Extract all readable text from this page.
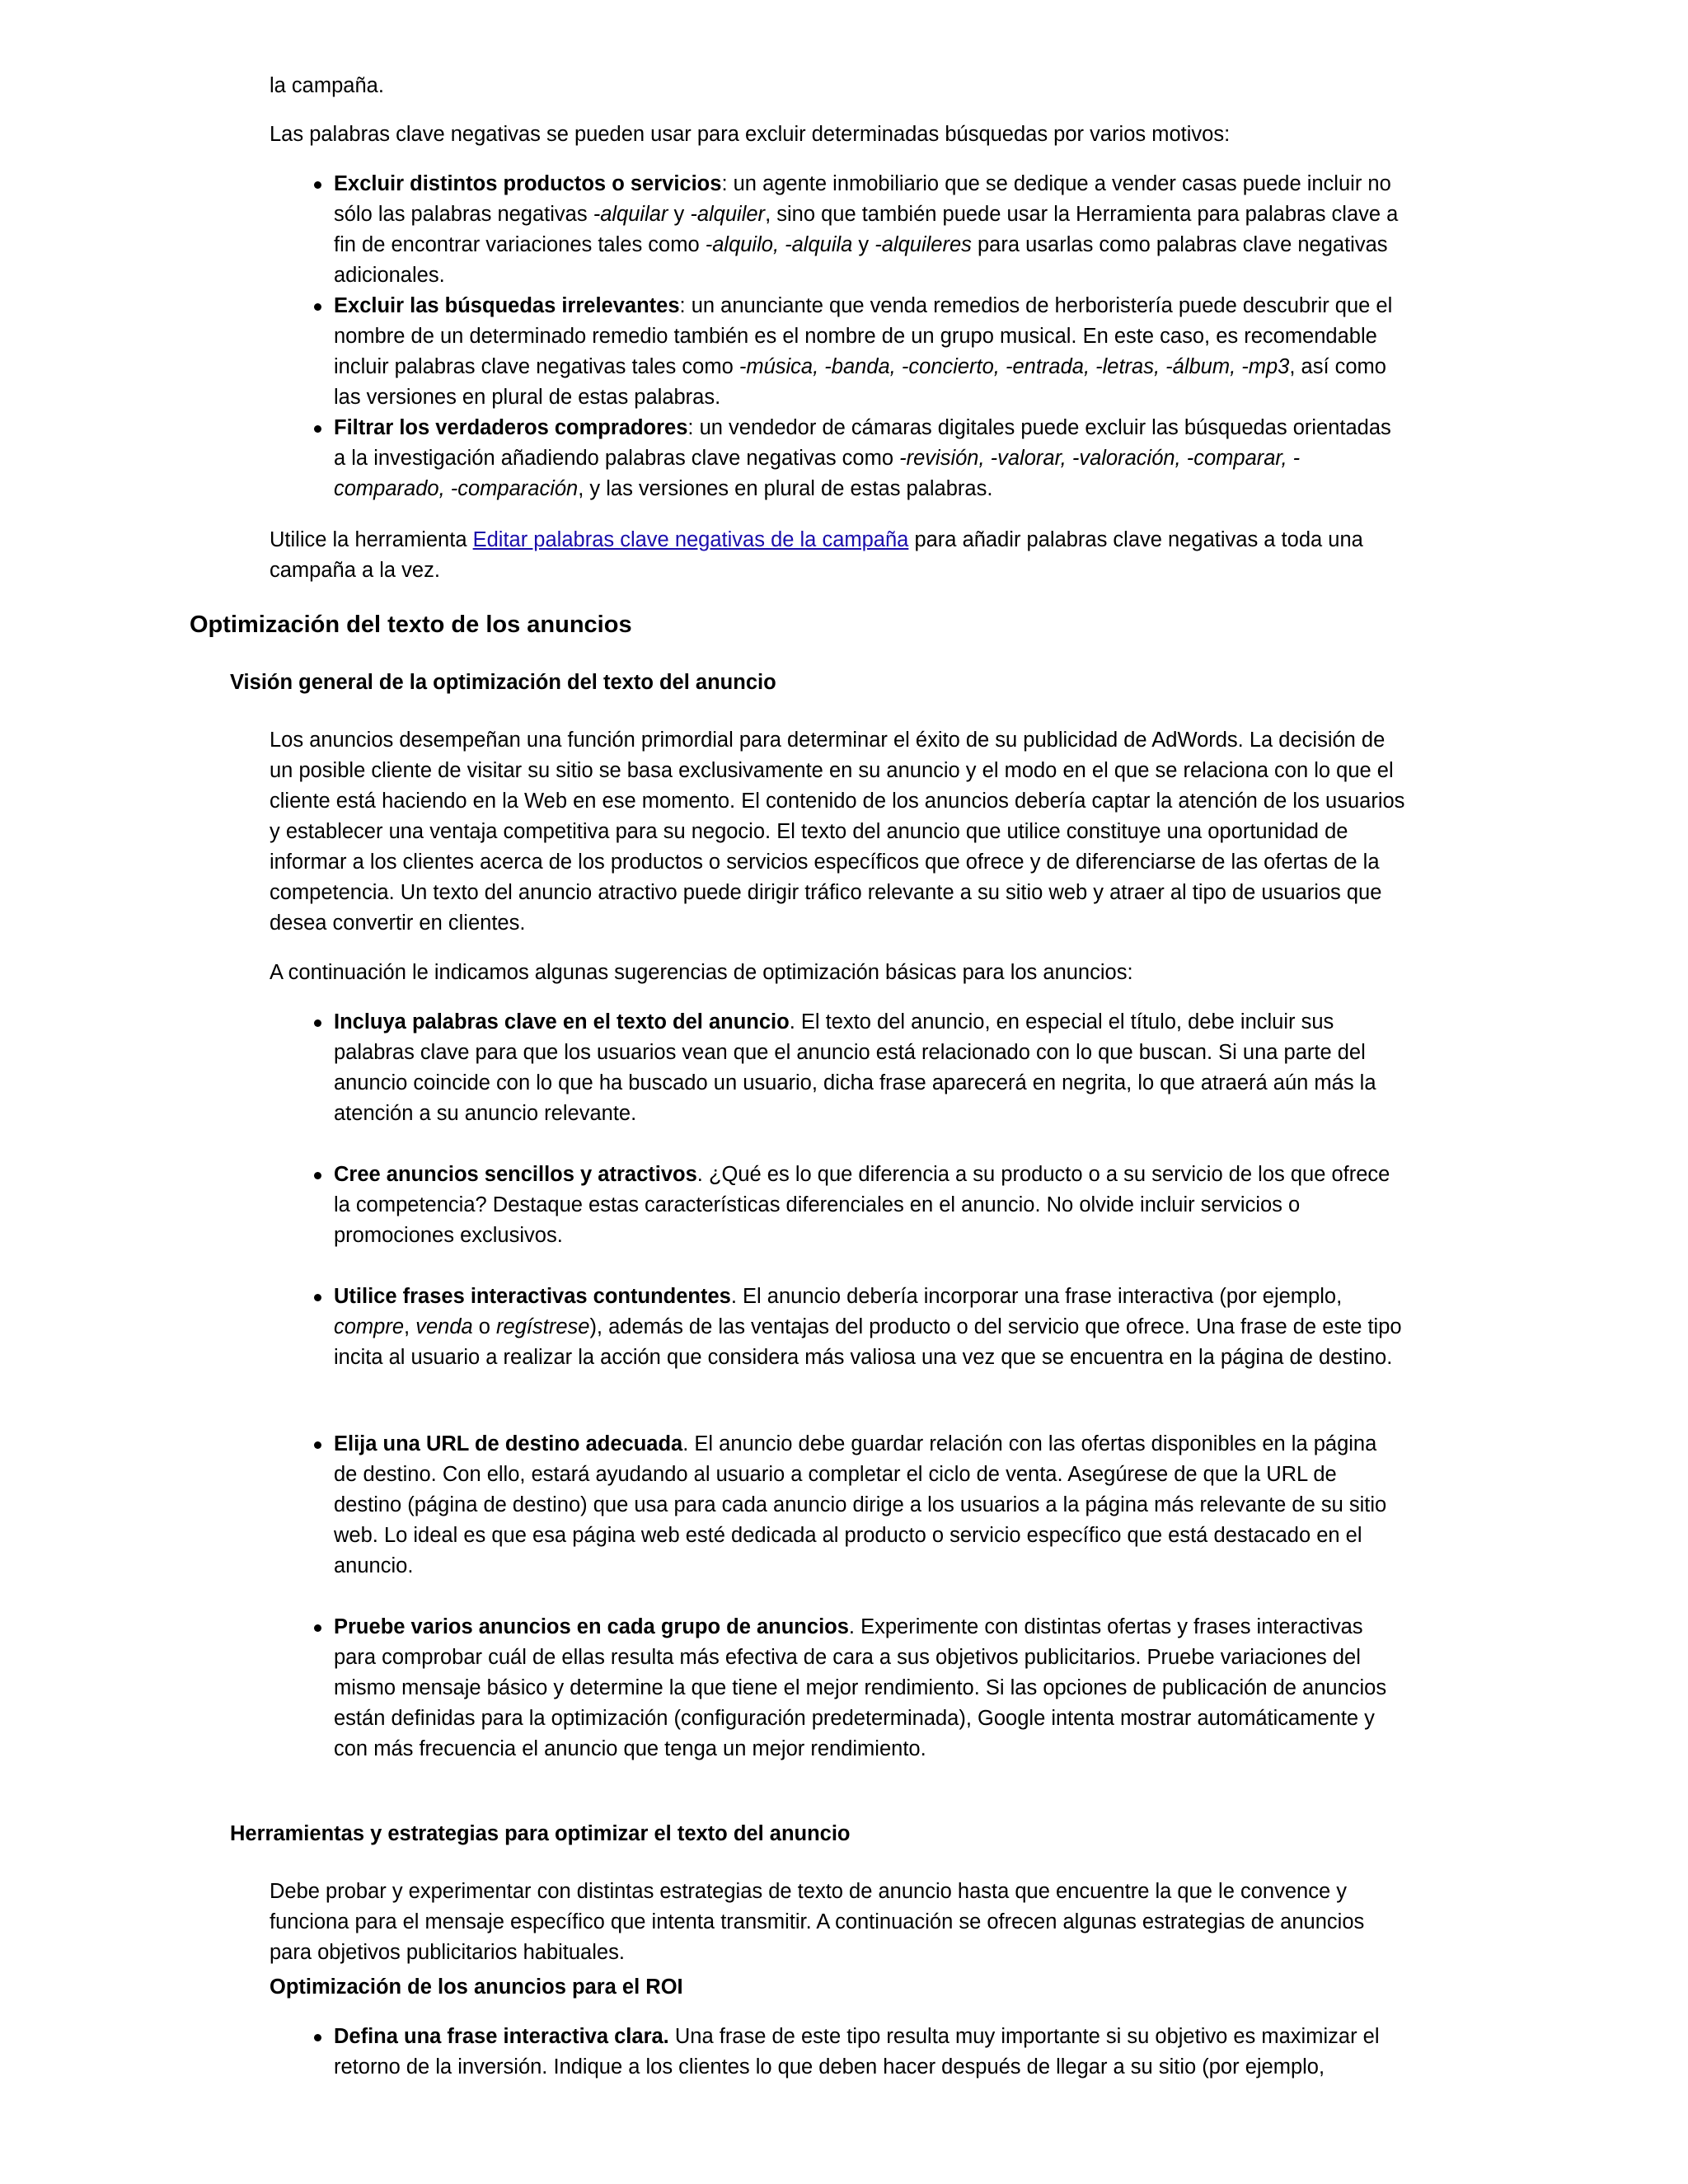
la campaña.

Las palabras clave negativas se pueden usar para excluir determinadas búsquedas por varios motivos:

Excluir distintos productos o servicios: un agente inmobiliario que se dedique a vender casas puede incluir no sólo las palabras negativas -alquilar y -alquiler, sino que también puede usar la Herramienta para palabras clave a fin de encontrar variaciones tales como -alquilo, -alquila y -alquileres para usarlas como palabras clave negativas adicionales.
Excluir las búsquedas irrelevantes: un anunciante que venda remedios de herboristería puede descubrir que el nombre de un determinado remedio también es el nombre de un grupo musical. En este caso, es recomendable incluir palabras clave negativas tales como -música, -banda, -concierto, -entrada, -letras, -álbum, -mp3, así como las versiones en plural de estas palabras.
Filtrar los verdaderos compradores: un vendedor de cámaras digitales puede excluir las búsquedas orientadas a la investigación añadiendo palabras clave negativas como -revisión, -valorar, -valoración, -comparar, -comparado, -comparación, y las versiones en plural de estas palabras.

Utilice la herramienta Editar palabras clave negativas de la campaña para añadir palabras clave negativas a toda una campaña a la vez.

Optimización del texto de los anuncios
Visión general de la optimización del texto del anuncio

Los anuncios desempeñan una función primordial para determinar el éxito de su publicidad de AdWords. La decisión de un posible cliente de visitar su sitio se basa exclusivamente en su anuncio y el modo en el que se relaciona con lo que el cliente está haciendo en la Web en ese momento. El contenido de los anuncios debería captar la atención de los usuarios y establecer una ventaja competitiva para su negocio. El texto del anuncio que utilice constituye una oportunidad de informar a los clientes acerca de los productos o servicios específicos que ofrece y de diferenciarse de las ofertas de la competencia. Un texto del anuncio atractivo puede dirigir tráfico relevante a su sitio web y atraer al tipo de usuarios que desea convertir en clientes.

A continuación le indicamos algunas sugerencias de optimización básicas para los anuncios:

Incluya palabras clave en el texto del anuncio. El texto del anuncio, en especial el título, debe incluir sus palabras clave para que los usuarios vean que el anuncio está relacionado con lo que buscan. Si una parte del anuncio coincide con lo que ha buscado un usuario, dicha frase aparecerá en negrita, lo que atraerá aún más la atención a su anuncio relevante.
Cree anuncios sencillos y atractivos. ¿Qué es lo que diferencia a su producto o a su servicio de los que ofrece la competencia? Destaque estas características diferenciales en el anuncio. No olvide incluir servicios o promociones exclusivos.
Utilice frases interactivas contundentes. El anuncio debería incorporar una frase interactiva (por ejemplo, compre, venda o regístrese), además de las ventajas del producto o del servicio que ofrece. Una frase de este tipo incita al usuario a realizar la acción que considera más valiosa una vez que se encuentra en la página de destino.
Elija una URL de destino adecuada. El anuncio debe guardar relación con las ofertas disponibles en la página de destino. Con ello, estará ayudando al usuario a completar el ciclo de venta. Asegúrese de que la URL de destino (página de destino) que usa para cada anuncio dirige a los usuarios a la página más relevante de su sitio web. Lo ideal es que esa página web esté dedicada al producto o servicio específico que está destacado en el anuncio.
Pruebe varios anuncios en cada grupo de anuncios. Experimente con distintas ofertas y frases interactivas para comprobar cuál de ellas resulta más efectiva de cara a sus objetivos publicitarios. Pruebe variaciones del mismo mensaje básico y determine la que tiene el mejor rendimiento. Si las opciones de publicación de anuncios están definidas para la optimización (configuración predeterminada), Google intenta mostrar automáticamente y con más frecuencia el anuncio que tenga un mejor rendimiento.
Herramientas y estrategias para optimizar el texto del anuncio

Debe probar y experimentar con distintas estrategias de texto de anuncio hasta que encuentre la que le convence y funciona para el mensaje específico que intenta transmitir. A continuación se ofrecen algunas estrategias de anuncios para objetivos publicitarios habituales.

Optimización de los anuncios para el ROI
Defina una frase interactiva clara. Una frase de este tipo resulta muy importante si su objetivo es maximizar el retorno de la inversión. Indique a los clientes lo que deben hacer después de llegar a su sitio (por ejemplo,
